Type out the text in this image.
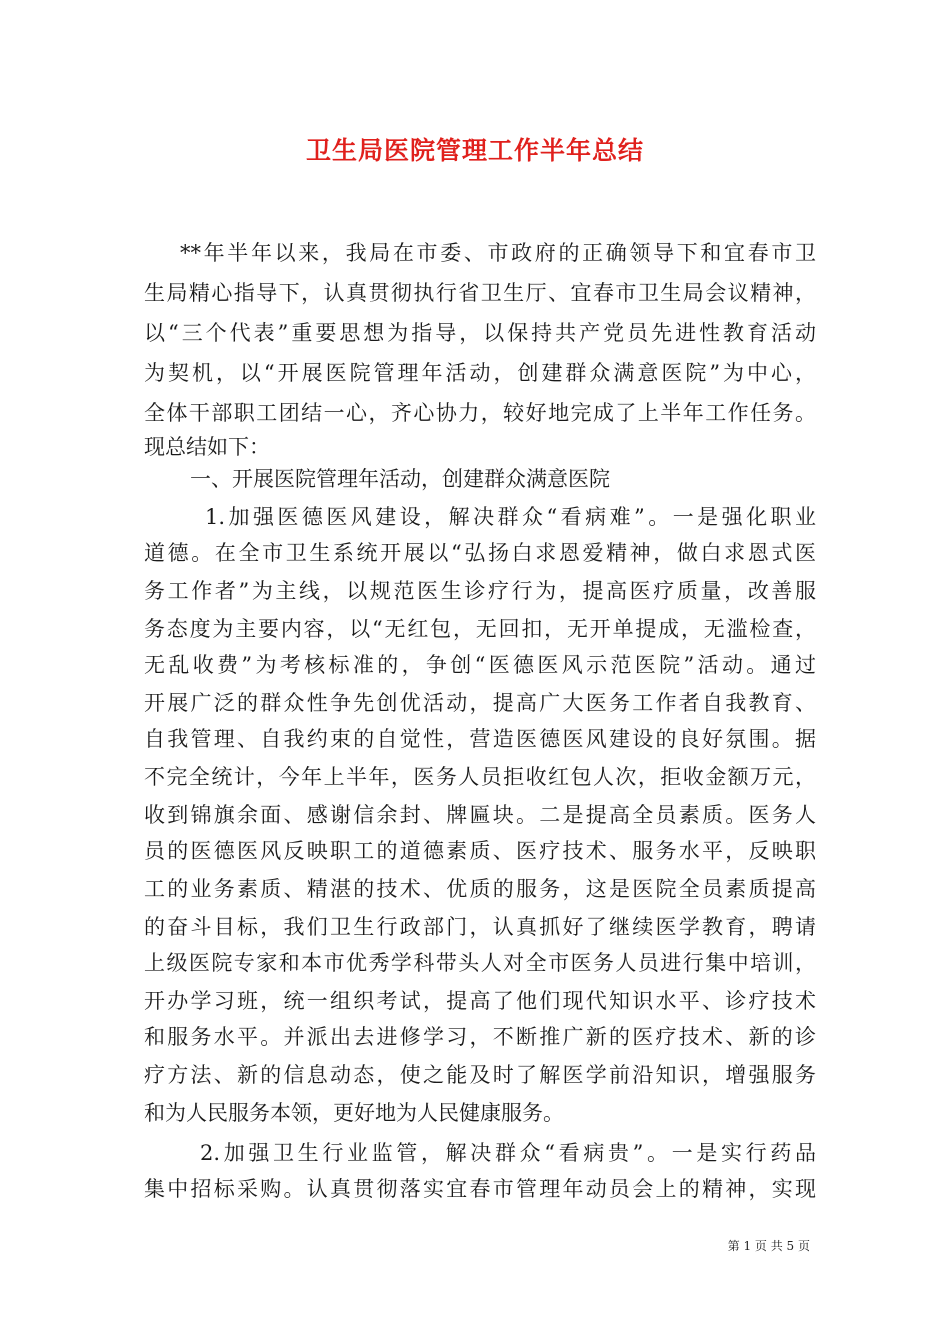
卫生局医院管理工作半年总结
**年半年以来，我局在市委、市政府的正确领导下和宜春市卫
生局精心指导下，认真贯彻执行省卫生厅、宜春市卫生局会议精神，
以“三个代表”重要思想为指导，以保持共产党员先进性教育活动
为契机，以“开展医院管理年活动，创建群众满意医院”为中心，
全体干部职工团结一心，齐心协力，较好地完成了上半年工作任务。
现总结如下：
一、开展医院管理年活动，创建群众满意医院
1.加强医德医风建设，解决群众“看病难”。一是强化职业
道德。在全市卫生系统开展以“弘扬白求恩爱精神，做白求恩式医
务工作者”为主线，以规范医生诊疗行为，提高医疗质量，改善服
务态度为主要内容，以“无红包，无回扣，无开单提成，无滥检查，
无乱收费”为考核标准的，争创“医德医风示范医院”活动。通过
开展广泛的群众性争先创优活动，提高广大医务工作者自我教育、
自我管理、自我约束的自觉性，营造医德医风建设的良好氛围。据
不完全统计，今年上半年，医务人员拒收红包人次，拒收金额万元，
收到锦旗余面、感谢信余封、牌匾块。二是提高全员素质。医务人
员的医德医风反映职工的道德素质、医疗技术、服务水平，反映职
工的业务素质、精湛的技术、优质的服务，这是医院全员素质提高
的奋斗目标，我们卫生行政部门，认真抓好了继续医学教育，聘请
上级医院专家和本市优秀学科带头人对全市医务人员进行集中培训，
开办学习班，统一组织考试，提高了他们现代知识水平、诊疗技术
和服务水平。并派出去进修学习，不断推广新的医疗技术、新的诊
疗方法、新的信息动态，使之能及时了解医学前沿知识，增强服务
和为人民服务本领，更好地为人民健康服务。
2.加强卫生行业监管，解决群众“看病贵”。一是实行药品
集中招标采购。认真贯彻落实宜春市管理年动员会上的精神，实现
第 1 页 共 5 页
